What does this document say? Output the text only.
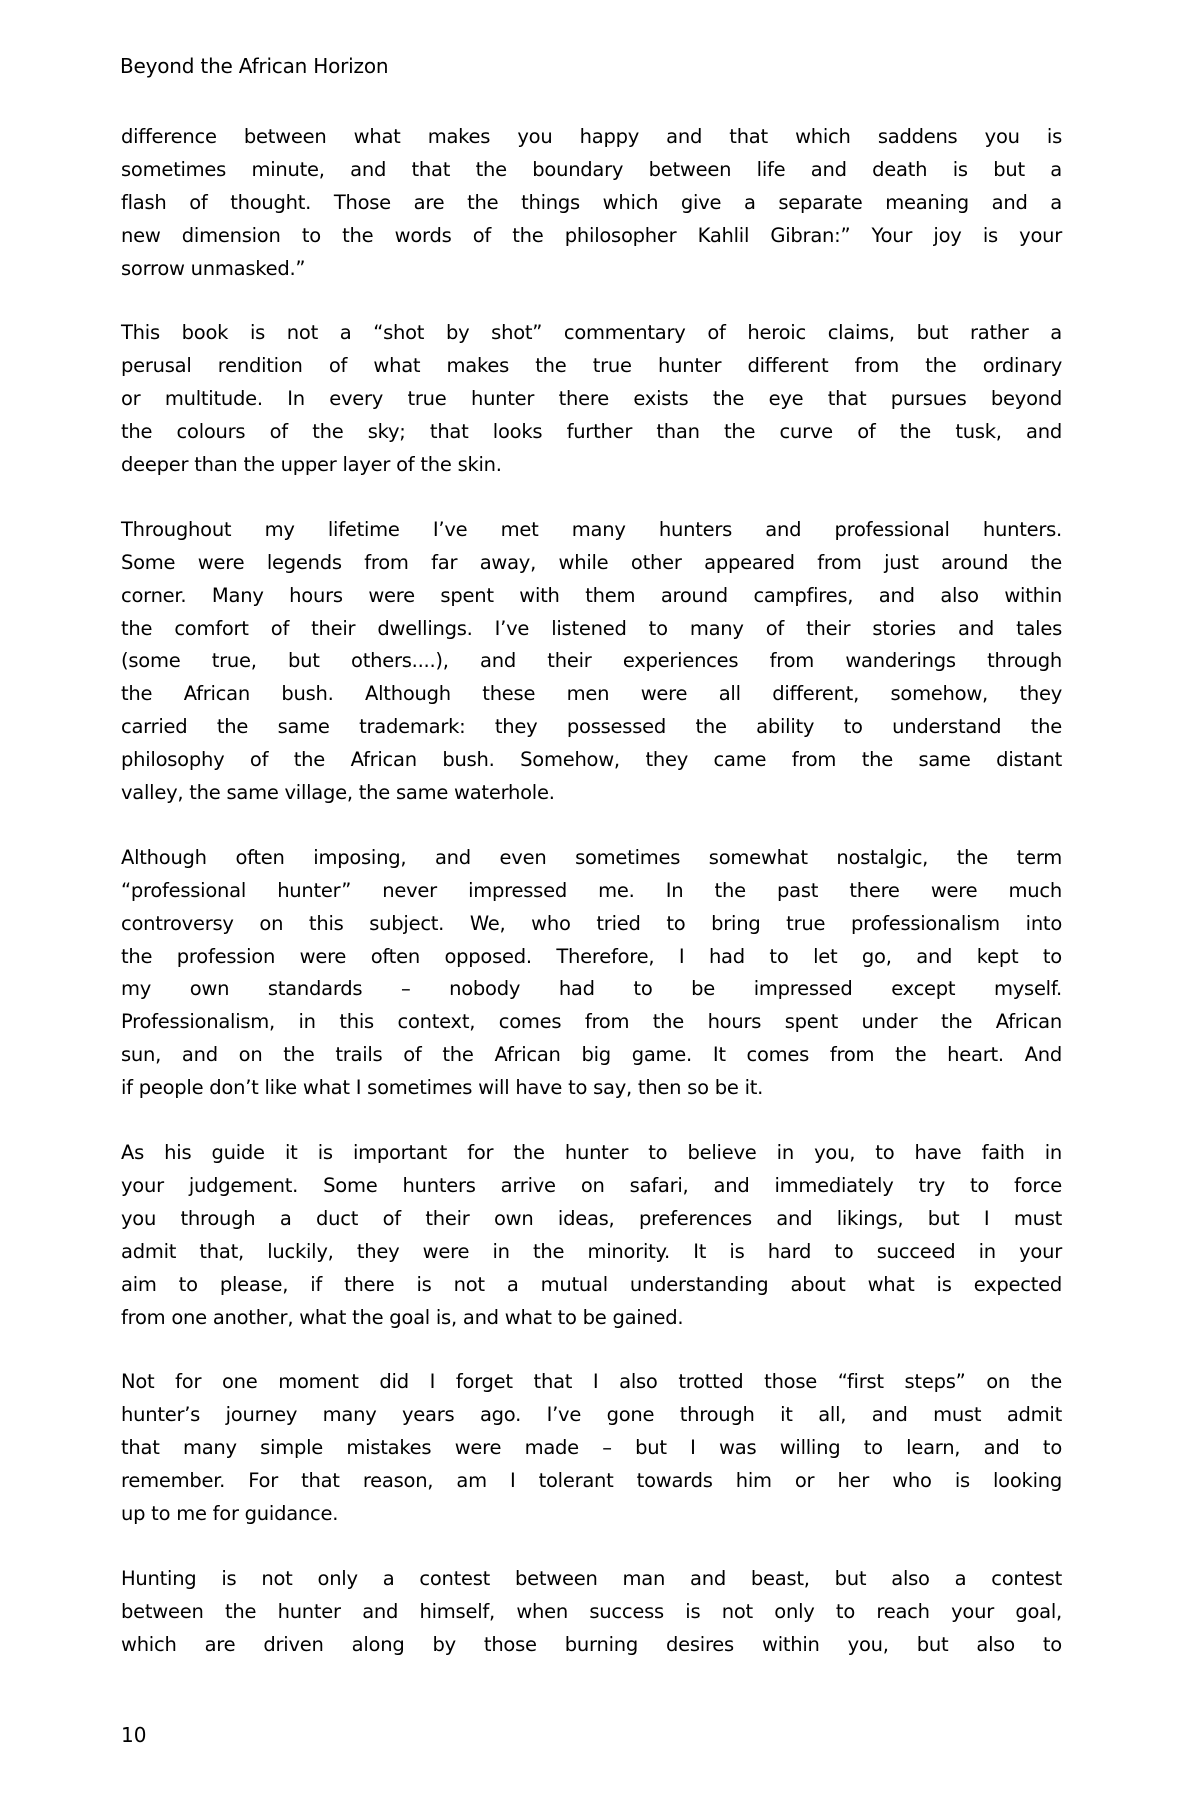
Beyond the African Horizon
difference between what makes you happy and that which saddens you is
sometimes minute, and that the boundary between life and death is but a
flash of thought. Those are the things which give a separate meaning and a
new dimension to the words of the philosopher Kahlil Gibran:” Your joy is your
sorrow unmasked.”
This book is not a “shot by shot” commentary of heroic claims, but rather a
perusal rendition of what makes the true hunter different from the ordinary
or multitude. In every true hunter there exists the eye that pursues beyond
the colours of the sky; that looks further than the curve of the tusk, and
deeper than the upper layer of the skin.
Throughout my lifetime I’ve met many hunters and professional hunters.
Some were legends from far away, while other appeared from just around the
corner. Many hours were spent with them around campfires, and also within
the comfort of their dwellings. I’ve listened to many of their stories and tales
(some true, but others....), and their experiences from wanderings through
the African bush. Although these men were all different, somehow, they
carried the same trademark: they possessed the ability to understand the
philosophy of the African bush. Somehow, they came from the same distant
valley, the same village, the same waterhole.
Although often imposing, and even sometimes somewhat nostalgic, the term
“professional hunter” never impressed me. In the past there were much
controversy on this subject. We, who tried to bring true professionalism into
the profession were often opposed. Therefore, I had to let go, and kept to
my own standards – nobody had to be impressed except myself.
Professionalism, in this context, comes from the hours spent under the African
sun, and on the trails of the African big game. It comes from the heart. And
if people don’t like what I sometimes will have to say, then so be it.
As his guide it is important for the hunter to believe in you, to have faith in
your judgement. Some hunters arrive on safari, and immediately try to force
you through a duct of their own ideas, preferences and likings, but I must
admit that, luckily, they were in the minority. It is hard to succeed in your
aim to please, if there is not a mutual understanding about what is expected
from one another, what the goal is, and what to be gained.
Not for one moment did I forget that I also trotted those “first steps” on the
hunter’s journey many years ago. I’ve gone through it all, and must admit
that many simple mistakes were made – but I was willing to learn, and to
remember. For that reason, am I tolerant towards him or her who is looking
up to me for guidance.
Hunting is not only a contest between man and beast, but also a contest
between the hunter and himself, when success is not only to reach your goal,
which are driven along by those burning desires within you, but also to
10
